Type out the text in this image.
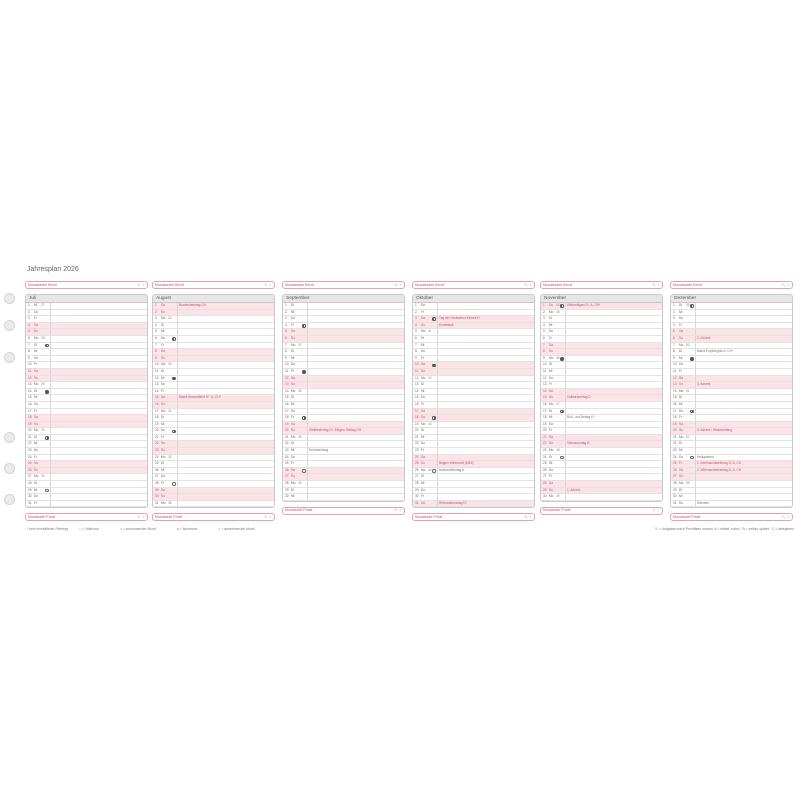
Jahresplan 2026
Monatsziele Beruf	⁰⁄₀ ✓
Juli
1	Mi	27
2	Do
3	Fr
4	Sa
5	So
6	Mo 28
7	Di
8	Mi
9	Do
10 Fr
11 Sa
12 So
13 Mo 29
14 Di
15 Mi
16 Do
17 Fr
18 Sa
19 So
20 Mo 30
21 Di
22 Mi
23 Do
24 Fr
25 Sa
26 So
27 Mo 31
28 Di
29 Mi
30 Do
31 Fr
Monatsziel Privat	⁰⁄₀ ✓
Monatsziele Beruf	⁰⁄₀ ✓
August
1	Sa	Bundesfeiertag CH
2	So
3	Mo 32
4	Di
5	Mi
6	Do
7	Fr
8	Sa
9	So
10 Mo 33
11 Di
12 Mi
13 Do
14 Fr
15 Sa	Mariä Himmelfahrt D*, A, CH*
16 So
17 Mo 34
18 Di
19 Mi
20 Do
21 Fr
22 Sa
23 So
24 Mo 35
25 Di
26 Mi
27 Do
28 Fr
29 Sa
30 So
31 Mo 36
Monatsziel Privat	⁰⁄₀ ✓
Monatsziele Beruf	⁰⁄₀ ✓
September
1	Di
2	Mi
3	Do
4	Fr
5	Sa
6	So
7	Mo 37
8	Di
9	Mi
10 Do
11 Fr
12 Sa
13 So
14 Mo 38
15 Di
16 Mi
17 Do
18 Fr
19 Sa
20 So	Weltkindertag D*, Eidgen. Bettag CH
21 Mo 39
22 Di
23 Mi	Herbstanfang
24 Do
25 Fr
26 Sa
27 So
28 Mo 40
29 Di
30 Mi
Monatsziel Privat	⁰⁄₀ ✓
Monatsziele Beruf	⁰⁄₀ ✓
Oktober
1	Do
2	Fr
3	Sa	Tag der Deutschen Einheit D
4	So	Erntedank
5	Mo 41
6	Di
7	Mi
8	Do
9	Fr
10 Sa
11 So
12 Mo 42
13 Di
14 Mi
15 Do
16 Fr
17 Sa
18 So
19 Mo 43
20 Di
21 Mi
22 Do
23 Fr
24 Sa
25 So	Beginn Winterzeit (MEZ)
26 Mo 44	Nationalfeiertag A
27 Di
28 Mi
29 Do
30 Fr
31 Sa	Reformationstag D*
Monatsziel Privat	⁰⁄₀ ✓
Monatsziele Beruf	⁰⁄₀ ✓
November
1	So 44	Allerheiligen D*, A, CH*
2	Mo 45
3	Di
4	Mi
5	Do
6	Fr
7	Sa
8	So
9	Mo 46
10 Di
11 Mi
12 Do
13 Fr
14 Sa
15 So	Volkstrauertag D
16 Mo 47
17 Di
18 Mi	Buß- und Bettag D*
19 Do
20 Fr
21 Sa
22 So	Totensonntag D
23 Mo 48
24 Di
25 Mi
26 Do
27 Fr
28 Sa
29 So	1. Advent
30 Mo 49
Monatsziel Privat	⁰⁄₀ ✓
Monatsziele Beruf	⁰⁄₀ ✓
Dezember
1	Di	49
2	Mi
3	Do
4	Fr
5	Sa
6	So	2. Advent
7	Mo 50
8	Di	Mariä Empfängnis A, CH*
9	Mi
10 Do
11 Fr
12 Sa
13 So	3. Advent
14 Mo 51
15 Di
16 Mi
17 Do
18 Fr
19 Sa
20 So	4. Advent / Winteranfang
21 Mo 52
22 Di
23 Mi
24 Do	Heiligabend
25 Fr	1. Weihnachtsfeiertag D, A, CH
26 Sa	2. Weihnachtsfeiertag D, A, CH
27 So
28 Mo 53
29 Di
30 Mi
31 Do	Silvester
Monatsziel Privat	⁰⁄₀ ✓
* kein einheitlicher Feiertag	○ = Vollmond	◑ = zunehmender Mond	● = Neumond	◐ = abnehmender Mond	⁰⁄₀ = Aufgaben nach Prioritäten ordnen: A = selbst, sofort · B = selbst, später · C = delegieren
